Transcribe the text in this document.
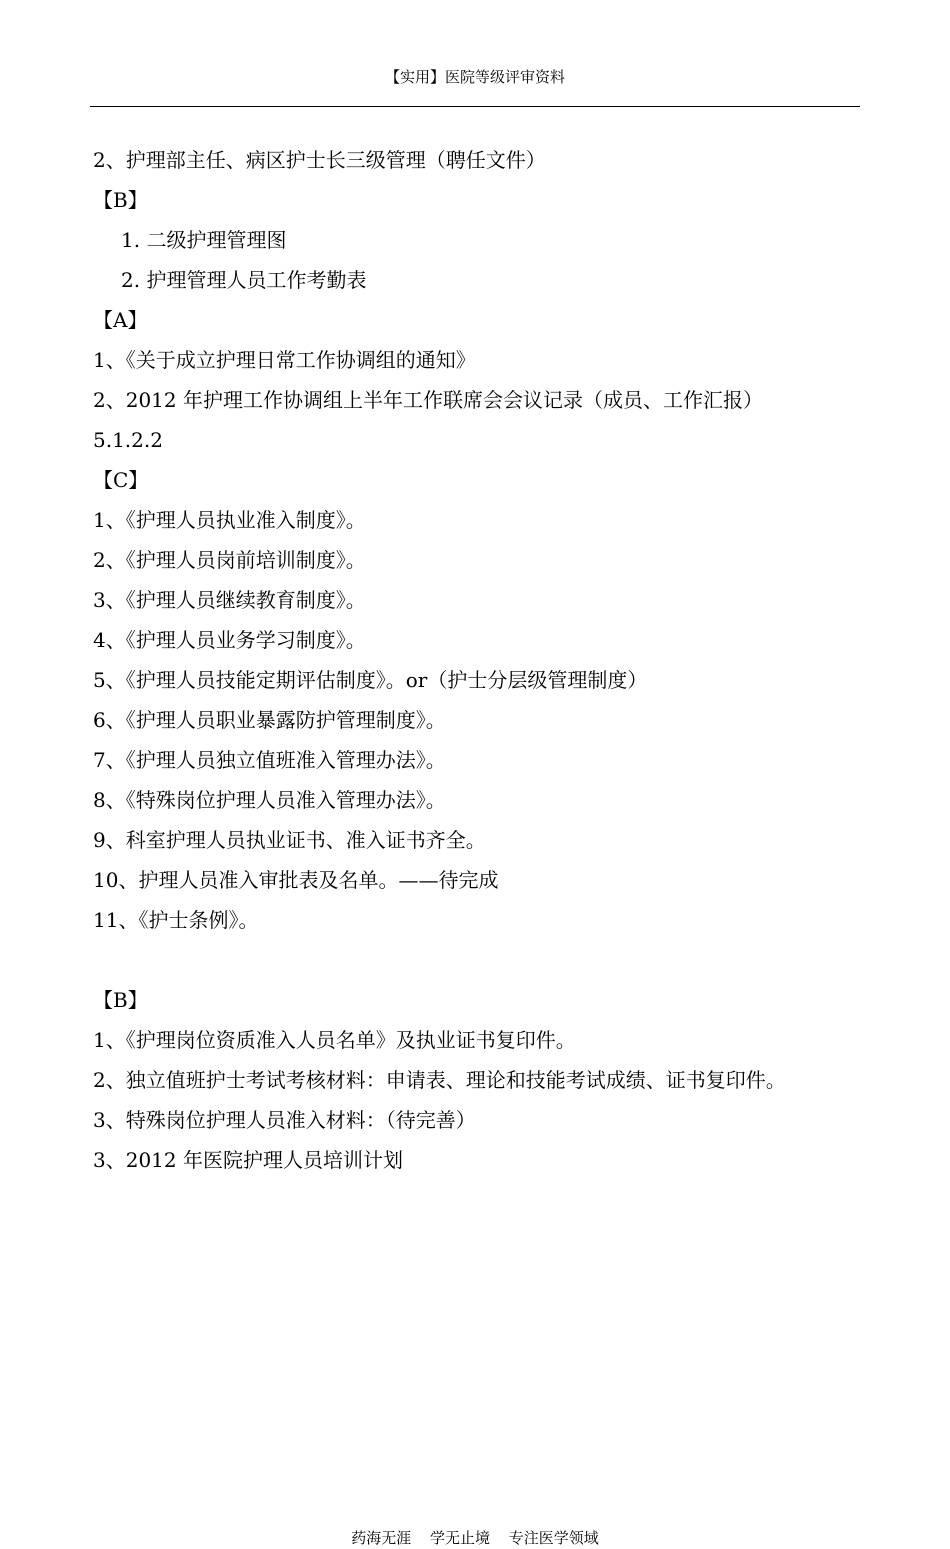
【实用】医院等级评审资料
2、护理部主任、病区护士长三级管理（聘任文件）
【B】
1. 二级护理管理图
2. 护理管理人员工作考勤表
【A】
1、《关于成立护理日常工作协调组的通知》
2、2012 年护理工作协调组上半年工作联席会会议记录（成员、工作汇报）
5.1.2.2
【C】
1、《护理人员执业准入制度》。
2、《护理人员岗前培训制度》。
3、《护理人员继续教育制度》。
4、《护理人员业务学习制度》。
5、《护理人员技能定期评估制度》。or（护士分层级管理制度）
6、《护理人员职业暴露防护管理制度》。
7、《护理人员独立值班准入管理办法》。
8、《特殊岗位护理人员准入管理办法》。
9、科室护理人员执业证书、准入证书齐全。
10、护理人员准入审批表及名单。——待完成
11、《护士条例》。
【B】
1、《护理岗位资质准入人员名单》及执业证书复印件。
2、独立值班护士考试考核材料：申请表、理论和技能考试成绩、证书复印件。
3、特殊岗位护理人员准入材料：（待完善）
3、2012 年医院护理人员培训计划
药海无涯 学无止境 专注医学领域
